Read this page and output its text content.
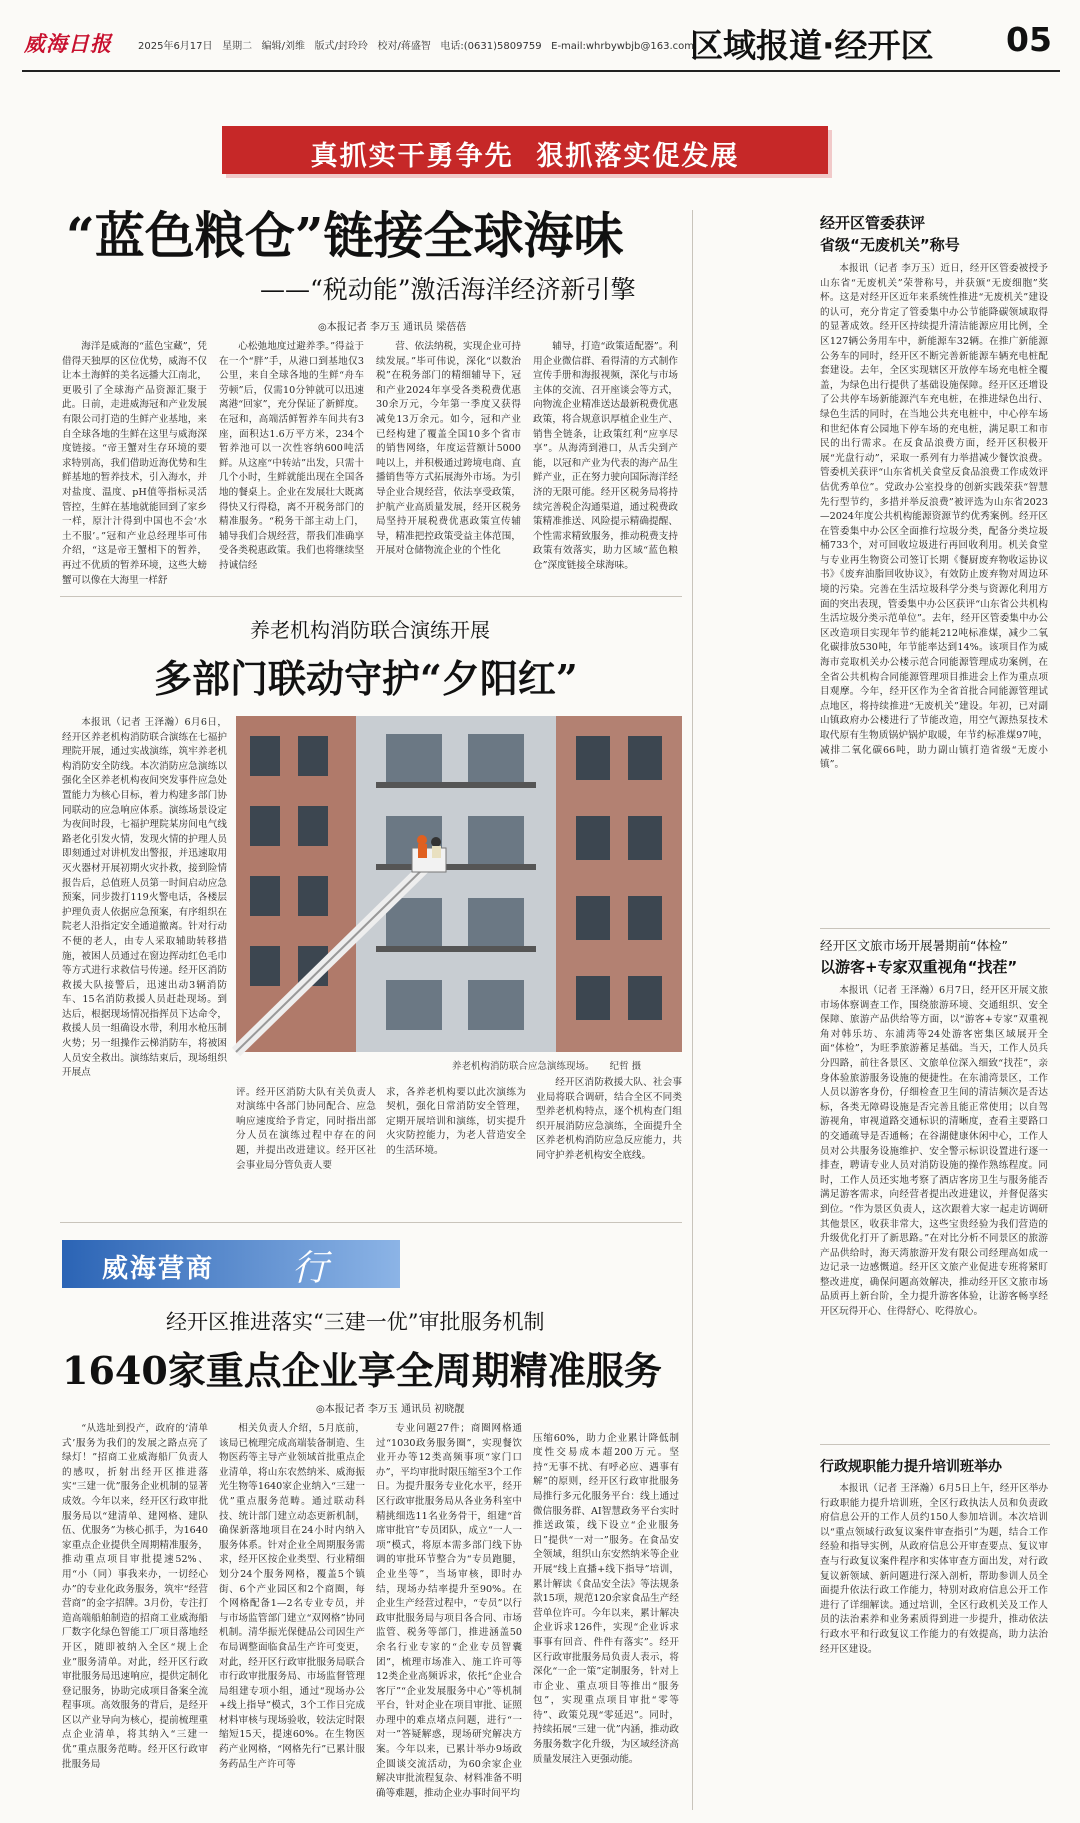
威海日报	2025年6月17日 星期二 编辑/刘维 版式/封玲玲 校对/蒋盛智 电话:(0631)5809759 E-mail:whrbywbjb@163.com
区域报道·经开区 05
真抓实干勇争先  狠抓落实促发展
“蓝色粮仓”链接全球海味
——“税动能”激活海洋经济新引擎
◎本报记者 李万玉 通讯员 梁蓓蓓

海洋是威海的“蓝色宝藏”，凭借得天独厚的区位优势，威海不仅让本土海鲜的美名远播大江南北，更吸引了全球海产品资源汇聚于此。日前，走进威海冠和产业发展有限公司打造的生鲜产业基地，来自全球各地的生鲜在这里与威海深度链接。“帝王蟹对生存环境的要求特别高，我们借助近海优势和生鲜基地的暂养技术，引入海水，并对盐度、温度、pH值等指标灵活管控，生鲜在基地就能回到了家乡一样，原汁汁得到中国也不会‘水土不服’。”冠和产业总经理毕可伟介绍，“这是帝王蟹相下的暂养，再过不优质的暂养环境，这些大螃蟹可以像在大海里一样舒

心松弛地度过避养季。”得益于在一个“胖”手，从港口到基地仅3公里，来自全球各地的生鲜“舟车劳顿”后，仅需10分钟就可以迅速离港“回家”，充分保证了新鲜度。在冠和，高端活鲜暂养车间共有3座，面积达1.6万平方米，234个暂养池可以一次性容纳600吨活鲜。从这座“中转站”出发，只需十几个小时，生鲜就能出现在全国各地的餐桌上。企业在发展壮大既离得快又行得稳，离不开税务部门的精准服务。“税务干部主动上门，辅导我们合规经营，帮我们准确享受各类税惠政策。我们也将继续坚持诚信经

营、依法纳税，实现企业可持续发展。”毕可伟说，深化“以数治税”在税务部门的精细辅导下，冠和产业2024年享受各类税费优惠30余万元，今年第一季度又获得减免13万余元。如今，冠和产业已经构建了覆盖全国10多个省市的销售网络，年度运营额计5000吨以上，并积极通过跨境电商、直播销售等方式拓展海外市场。为引导企业合规经营，依法享受政策，护航产业高质量发展，经开区税务局坚持开展税费优惠政策宣传辅导，精准把控政策受益主体范围，开展对仓储物流企业的个性化

辅导，打造“政策适配器”。利用企业微信群、看得清的方式制作宣传手册和海报视频，深化与市场主体的交流、召开座谈会等方式，向物流企业精准送达最新税费优惠政策，将合规意识厚植企业生产、销售全链条，让政策红利“应享尽享”。从海湾到港口，从舌尖到产能，以冠和产业为代表的海产品生鲜产业，正在努力驶向国际海洋经济的无限可能。经开区税务局将持续完善税企沟通渠道，通过税费政策精准推送、风险提示精确提醒、个性需求精致服务，推动税费支持政策有效落实，助力区域“蓝色粮仓”深度链接全球海味。

养老机构消防联合演练开展
多部门联动守护“夕阳红”

本报讯（记者 王泽瀚）6月6日，经开区养老机构消防联合演练在七福护理院开展，通过实战演练，筑牢养老机构消防安全防线。本次消防应急演练以强化全区养老机构夜间突发事件应急处置能力为核心目标，着力构建多部门协同联动的应急响应体系。演练场景设定为夜间时段，七福护理院某房间电气线路老化引发火情，发现火情的护理人员即刻通过对讲机发出警报，并迅速取用灭火器材开展初期火灾扑救，接到险情报告后，总值班人员第一时间启动应急预案，同步拨打119火警电话，各楼层护理负责人依据应急预案，有序组织在院老人沿指定安全通道撤离。针对行动不便的老人，由专人采取辅助转移措施，被困人员通过在窗边挥动红色毛巾等方式进行求救信号传递。经开区消防救援大队接警后，迅速出动3辆消防车、15名消防救援人员赶赴现场。到达后，根据现场情况指挥员下达命令，救援人员一组确设水带，利用水枪压制火势；另一组操作云梯消防车，将被困人员安全救出。演练结束后，现场组织开展点

养老机构消防联合应急演练现场。     纪哲 摄

评。经开区消防大队有关负责人对演练中各部门协同配合、应急响应速度给予肯定，同时指出部分人员在演练过程中存在的问题，并提出改进建议。经开区社会事业局分管负责人要

求，各养老机构要以此次演练为契机，强化日常消防安全管理，定期开展培训和演练，切实提升火灾防控能力，为老人营造安全的生活环境。

经开区消防救援大队、社会事业局将联合调研，结合全区不同类型养老机构特点，逐个机构查门组织开展消防应急演练，全面提升全区养老机构消防应急反应能力，共同守护养老机构安全底线。

威海营商 行
经开区推进落实“三建一优”审批服务机制
1640家重点企业享全周期精准服务
◎本报记者 李万玉 通讯员 初晓靓

“从选址到投产，政府的‘清单式’服务为我们的发展之路点亮了绿灯！”招商工业威海船厂负责人的感叹，折射出经开区推进落实“三建一优”服务企业机制的显著成效。今年以来，经开区行政审批服务局以“建清单、建网格、建队伍、优服务”为核心抓手，为1640家重点企业提供全周期精准服务，推动重点项目审批提速52%、用“小（同）事我来办，一切经心办”的专业化政务服务，筑牢“经营营商”的金字招牌。3月份，专注打造高端船舶制造的招商工业威海船厂数字化绿色智能工厂项目落地经开区，随即被纳入全区“规上企业”服务清单。对此，经开区行政审批服务局迅速响应，提供定制化登记服务，协助完成项目备案全流程事项。高效服务的背后，是经开区以产业导向为核心，提前梳理重点企业清单，将其纳入“三建一优”重点服务范畴。经开区行政审批服务局

相关负责人介绍，5月底前，该局已梳理完成高端装备制造、生物医药等主导产业领域首批重点企业清单，将山东农然纳米、威海振光生物等1640家企业纳入“三建一优”重点服务范畴。通过联动科技、统计部门建立动态更新机制，确保新落地项目在24小时内纳入服务体系。针对企业全周期服务需求，经开区按企业类型、行业精细划分24个服务网格，覆盖5个镇街、6个产业园区和2个商圈，每个网格配备1—2名专业专员，并与市场监管部门建立“双网格”协同机制。清华振光保健品公司因生产布局调整面临食品生产许可变更，对此，经开区行政审批服务局联合市行政审批服务局、市场监督管理局组建专项小组，通过“现场办公+线上指导”模式，3个工作日完成材料审核与现场验收，较法定时限缩短15天，提速60%。在生物医药产业网格，“网格先行”已累计服务药品生产许可等

专业问题27件；商圈网格通过“1030政务服务圈”，实现餐饮业开办等12类高频事项“家门口办”，平均审批时限压缩至3个工作日。为提升服务专业化水平，经开区行政审批服务局从各业务科室中精挑细选11名业务骨干，组建“首席审批官”专员团队，成立“一人一项”模式，将原本需多部门线下协调的审批环节整合为“专员跑腿，企业坐等”，当场审核，即时办结，现场办结率提升至90%。在企业生产经营过程中，“专员”以行政审批服务局与项目各合同、市场监管、税务等部门，推进涵盖50余名行业专家的“企业专员智囊团”，梳理市场准入、施工许可等12类企业高频诉求，依托“企业合客厅”“企业发展服务中心”等机制平台，针对企业在项目审批、证照办理中的难点堵点问题，进行“一对一”答疑解惑，现场研究解决方案。今年以来，已累计举办9场政企圆谈交流活动，为60余家企业解决审批流程复杂、材料准备不明确等难题，推动企业办事时间平均

压缩60%，助力企业累计降低制度性交易成本超200万元。坚持“无事不扰、有呼必应、遇事有解”的原则，经开区行政审批服务局推行多元化服务平台：线上通过微信服务群、AI智慧政务平台实时推送政策，线下设立“企业服务日”提供“一对一”服务。在食品安全领域，组织山东安然纳米等企业开展“线上直播+线下指导”培训，累计解读《食品安全法》等法规条款15项，规范120余家食品生产经营单位许可。今年以来，累计解决企业诉求126件，实现“企业诉求事事有回音、件件有落实”。经开区行政审批服务局负责人表示，将深化“一企一策”定制服务，针对上市企业、重点项目等推出“服务包”，实现重点项目审批“零等待”、政策兑现“零延迟”。同时，持续拓展“三建一优”内涵，推动政务服务数字化升级，为区域经济高质量发展注入更强动能。

经开区管委获评
省级“无废机关”称号

本报讯（记者 李万玉）近日，经开区管委被授予山东省“无废机关”荣誉称号，并获颁“无废细胞”奖杯。这是对经开区近年来系统性推进“无废机关”建设的认可，充分肯定了管委集中办公节能降碳领域取得的显著成效。经开区持续提升清洁能源应用比例，全区127辆公务用车中，新能源车32辆。在推广新能源公务车的同时，经开区不断完善新能源车辆充电桩配套建设。去年，全区实现辖区开放停车场充电桩全覆盖，为绿色出行提供了基础设施保障。经开区还增设了公共停车场新能源汽车充电桩，在推进绿色出行、绿色生活的同时，在当地公共充电桩中，中心停车场和世纪体育公园地下停车场的充电桩，满足职工和市民的出行需求。在反食品浪费方面，经开区积极开展“光盘行动”，采取一系列有力举措减少餐饮浪费。管委机关获评“山东省机关食堂反食品浪费工作成效评估优秀单位”。党政办公室投身的创新实践荣获“智慧先行型节约，多措并举反浪费”被评选为山东省2023—2024年度公共机构能源资源节约优秀案例。经开区在管委集中办公区全面推行垃圾分类，配备分类垃圾桶733个，对可回收垃圾进行再回收利用。机关食堂与专业再生物资公司签订长期《餐厨废弃物收运协议书》《废弃油脂回收协议》，有效防止废弃物对周边环境的污染。完善在生活垃圾科学分类与资源化利用方面的突出表现，管委集中办公区获评“山东省公共机构生活垃圾分类示范单位”。去年，经开区管委集中办公区改造项目实现年节约能耗212吨标准煤，减少二氧化碳排放530吨，年节能率达到14%。该项目作为威海市竞取机关办公楼示范合同能源管理成功案例，在全省公共机构合同能源管理项目推进会上作为重点项目观摩。今年，经开区作为全省首批合同能源管理试点地区，将持续推进“无废机关”建设。年初，已对副山镇政府办公楼进行了节能改造，用空气源热泵技术取代原有生物质锅炉锅炉取暖，年节约标准煤97吨，减排二氧化碳66吨，助力副山镇打造省级“无废小镇”。

经开区文旅市场开展暑期前“体检”
以游客+专家双重视角“找茬”

本报讯（记者 王泽瀚）6月7日，经开区开展文旅市场体察调查工作，围绕旅游环境、交通组织、安全保障、旅游产品供给等方面，以“游客+专家”双重视角对韩乐坊、东浦湾等24处游客密集区域展开全面“体检”，为旺季旅游蓄足基础。当天，工作人员兵分四路，前往各景区、文旅单位深入细致“找茬”，亲身体验旅游服务设施的便捷性。在东浦湾景区，工作人员以游客身份，仔细检查卫生间的清洁频次是否达标，各类无障碍设施是否完善且能正常使用；以自驾游视角，审视道路交通标识的清晰度，查看主要路口的交通疏导是否通畅；在谷湖健康休闲中心，工作人员对公共服务设施维护、安全警示标识设置进行逐一排查，聘请专业人员对消防设施的操作熟练程度。同时，工作人员还实地考察了酒店客房卫生与服务能否满足游客需求，向经营者提出改进建议，并督促落实到位。“作为景区负责人，这次跟着大家一起走访调研其他景区，收获非常大，这些宝贵经验为我们营造的升级优化打开了新思路。”在对比分析不同景区的旅游产品供给时，海天湾旅游开发有限公司经理高如成一边记录一边感慨道。经开区文旅产业促进专班将紧盯整改进度，确保问题高效解决，推动经开区文旅市场品质再上新台阶，全力提升游客体验，让游客畅享经开区玩得开心、住得舒心、吃得放心。

行政规职能力提升培训班举办

本报讯（记者 王泽瀚）6月5日上午，经开区举办行政职能力提升培训班，全区行政执法人员和负责政府信息公开的工作人员约150人参加培训。本次培训以“重点领域行政复议案件审查指引”为题，结合工作经验和指导实例，从政府信息公开审查要点、复议审查与行政复议案件程序和实体审查方面出发，对行政复议新领域、新问题进行深入剖析，帮助参训人员全面提升依法行政工作能力，特别对政府信息公开工作进行了详细解读。通过培训，全区行政机关及工作人员的法治素养和业务素质得到进一步提升，推动依法行政水平和行政复议工作能力的有效提高，助力法治经开区建设。
